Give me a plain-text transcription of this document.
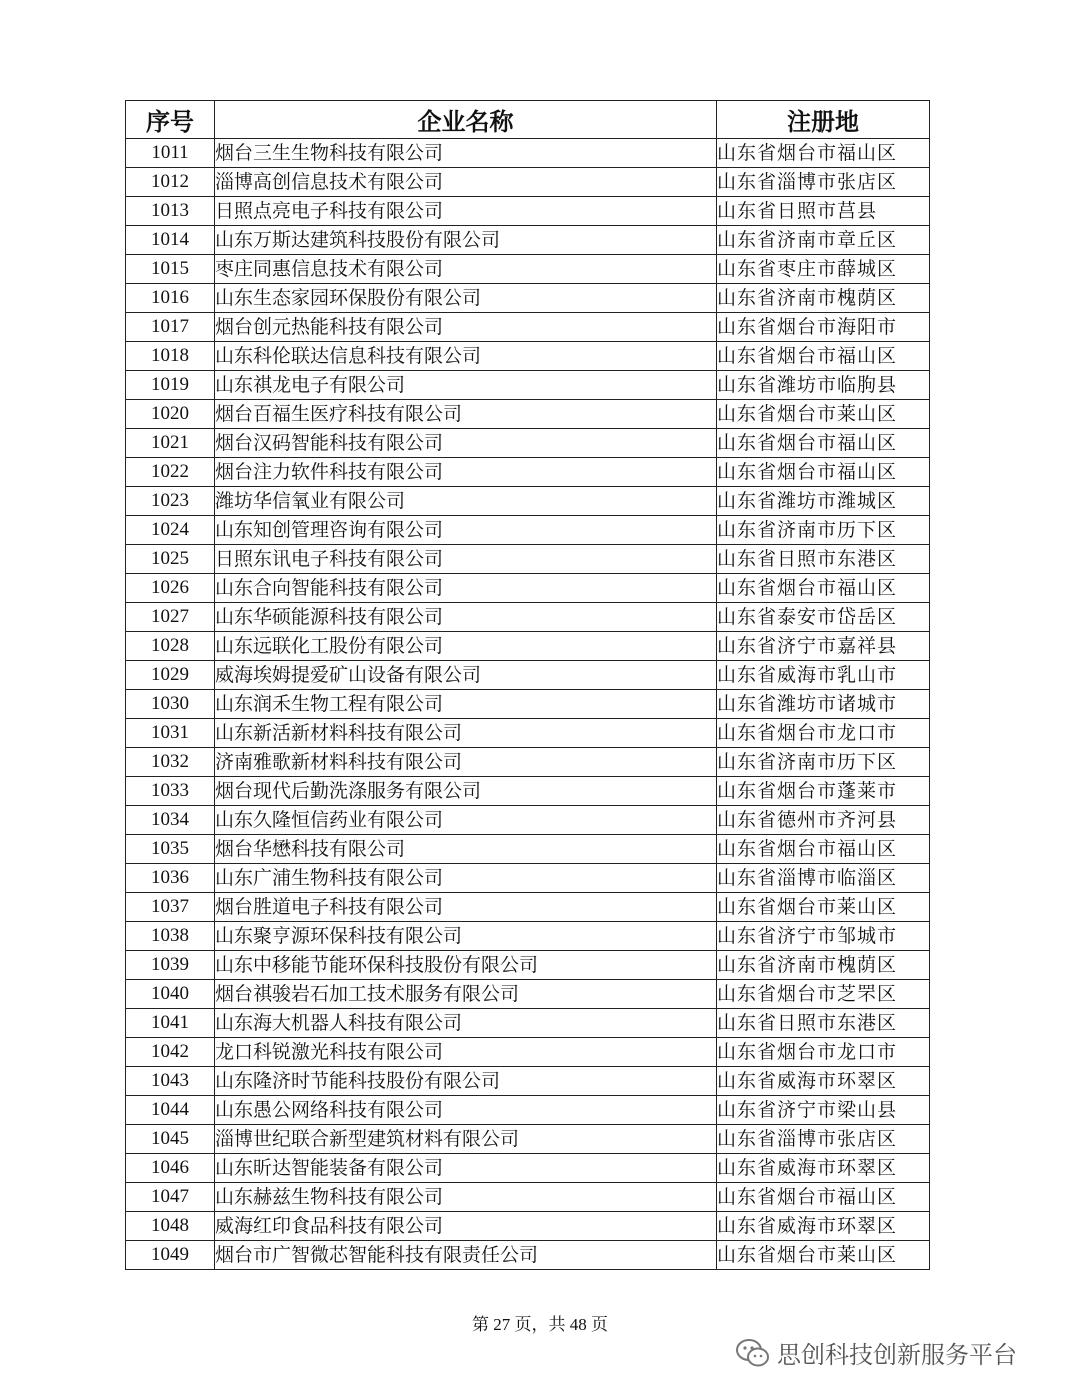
序号	企业名称	注册地
1011	烟台三生生物科技有限公司	山东省烟台市福山区
1012	淄博高创信息技术有限公司	山东省淄博市张店区
1013	日照点亮电子科技有限公司	山东省日照市莒县
1014	山东万斯达建筑科技股份有限公司	山东省济南市章丘区
1015	枣庄同惠信息技术有限公司	山东省枣庄市薛城区
1016	山东生态家园环保股份有限公司	山东省济南市槐荫区
1017	烟台创元热能科技有限公司	山东省烟台市海阳市
1018	山东科伦联达信息科技有限公司	山东省烟台市福山区
1019	山东祺龙电子有限公司	山东省潍坊市临朐县
1020	烟台百福生医疗科技有限公司	山东省烟台市莱山区
1021	烟台汉码智能科技有限公司	山东省烟台市福山区
1022	烟台注力软件科技有限公司	山东省烟台市福山区
1023	潍坊华信氧业有限公司	山东省潍坊市潍城区
1024	山东知创管理咨询有限公司	山东省济南市历下区
1025	日照东讯电子科技有限公司	山东省日照市东港区
1026	山东合向智能科技有限公司	山东省烟台市福山区
1027	山东华硕能源科技有限公司	山东省泰安市岱岳区
1028	山东远联化工股份有限公司	山东省济宁市嘉祥县
1029	威海埃姆提爱矿山设备有限公司	山东省威海市乳山市
1030	山东润禾生物工程有限公司	山东省潍坊市诸城市
1031	山东新活新材料科技有限公司	山东省烟台市龙口市
1032	济南雅歌新材料科技有限公司	山东省济南市历下区
1033	烟台现代后勤洗涤服务有限公司	山东省烟台市蓬莱市
1034	山东久隆恒信药业有限公司	山东省德州市齐河县
1035	烟台华懋科技有限公司	山东省烟台市福山区
1036	山东广浦生物科技有限公司	山东省淄博市临淄区
1037	烟台胜道电子科技有限公司	山东省烟台市莱山区
1038	山东聚亨源环保科技有限公司	山东省济宁市邹城市
1039	山东中移能节能环保科技股份有限公司	山东省济南市槐荫区
1040	烟台祺骏岩石加工技术服务有限公司	山东省烟台市芝罘区
1041	山东海大机器人科技有限公司	山东省日照市东港区
1042	龙口科锐激光科技有限公司	山东省烟台市龙口市
1043	山东隆济时节能科技股份有限公司	山东省威海市环翠区
1044	山东愚公网络科技有限公司	山东省济宁市梁山县
1045	淄博世纪联合新型建筑材料有限公司	山东省淄博市张店区
1046	山东昕达智能装备有限公司	山东省威海市环翠区
1047	山东赫兹生物科技有限公司	山东省烟台市福山区
1048	威海红印食品科技有限公司	山东省威海市环翠区
1049	烟台市广智微芯智能科技有限责任公司	山东省烟台市莱山区
第 27 页，共 48 页
思创科技创新服务平台
